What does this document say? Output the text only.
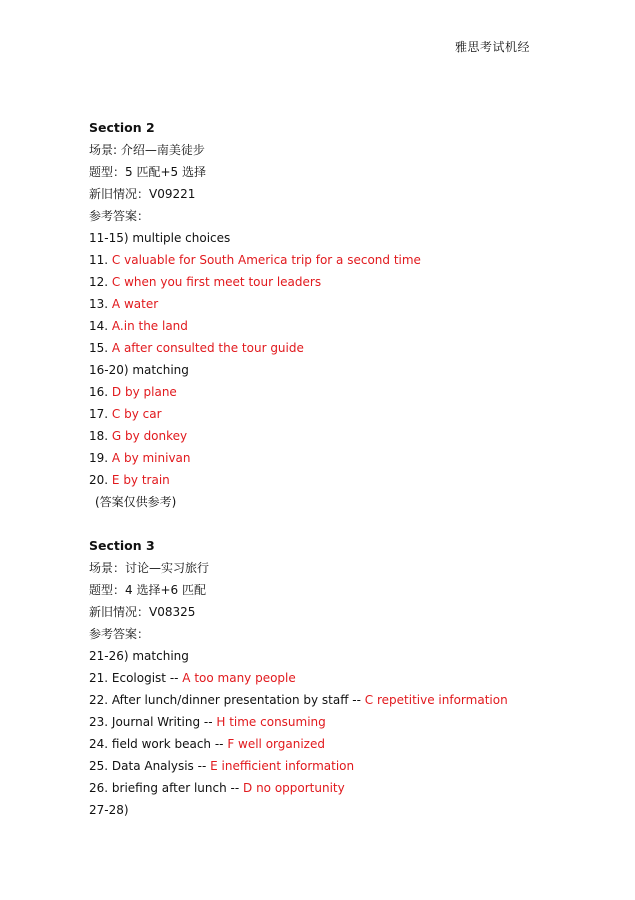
雅思考试机经
Section 2
场景: 介绍—南美徒步
题型：5 匹配+5 选择
新旧情况：V09221
参考答案：
11-15) multiple choices
11. C valuable for South America trip for a second time
12. C when you first meet tour leaders
13. A water
14. A.in the land
15. A after consulted the tour guide
16-20) matching
16. D by plane
17. C by car
18. G by donkey
19. A by minivan
20. E by train
(答案仅供参考)
Section 3
场景：讨论—实习旅行
题型：4 选择+6 匹配
新旧情况：V08325
参考答案：
21-26) matching
21. Ecologist -- A too many people
22. After lunch/dinner presentation by staff -- C repetitive information
23. Journal Writing -- H time consuming
24. field work beach -- F well organized
25. Data Analysis -- E inefficient information
26. briefing after lunch -- D no opportunity
27-28)
